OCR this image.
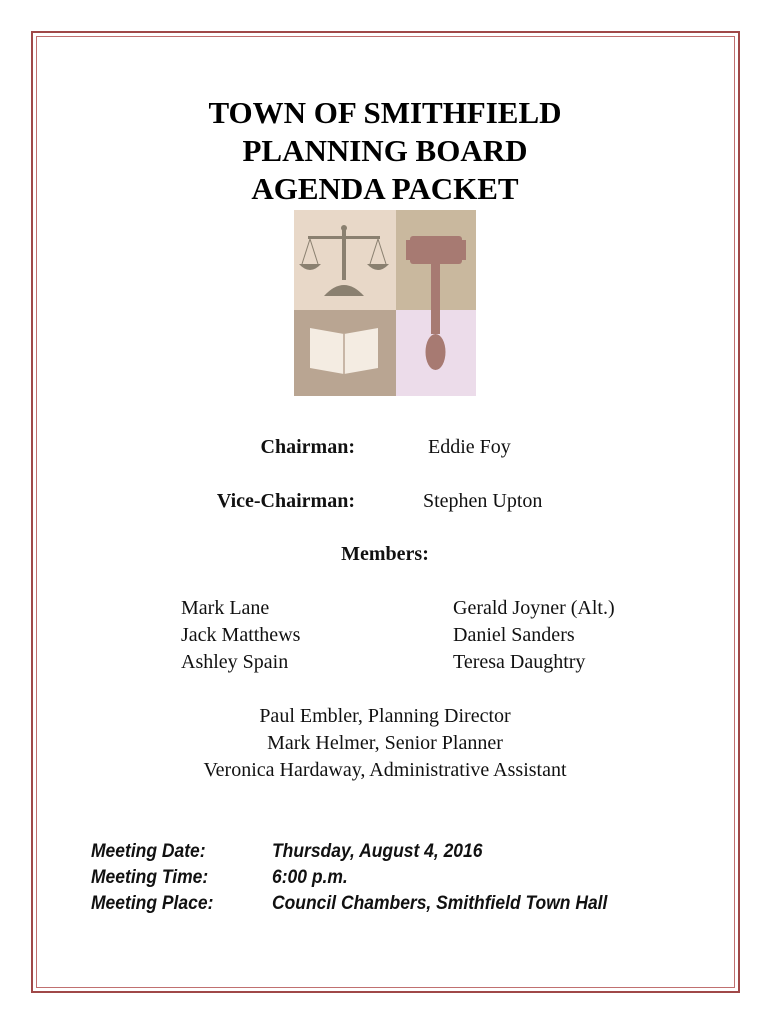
TOWN OF SMITHFIELD
PLANNING BOARD
AGENDA PACKET
Chairman:	Eddie Foy
Vice-Chairman:	Stephen Upton
Members:
Mark Lane
Jack Matthews
Ashley Spain
Gerald Joyner (Alt.)
Daniel Sanders
Teresa Daughtry
Paul Embler, Planning Director
Mark Helmer, Senior Planner
Veronica Hardaway, Administrative Assistant
Meeting Date:	Thursday, August 4, 2016
Meeting Time:	6:00 p.m.
Meeting Place:	Council Chambers, Smithfield Town Hall
